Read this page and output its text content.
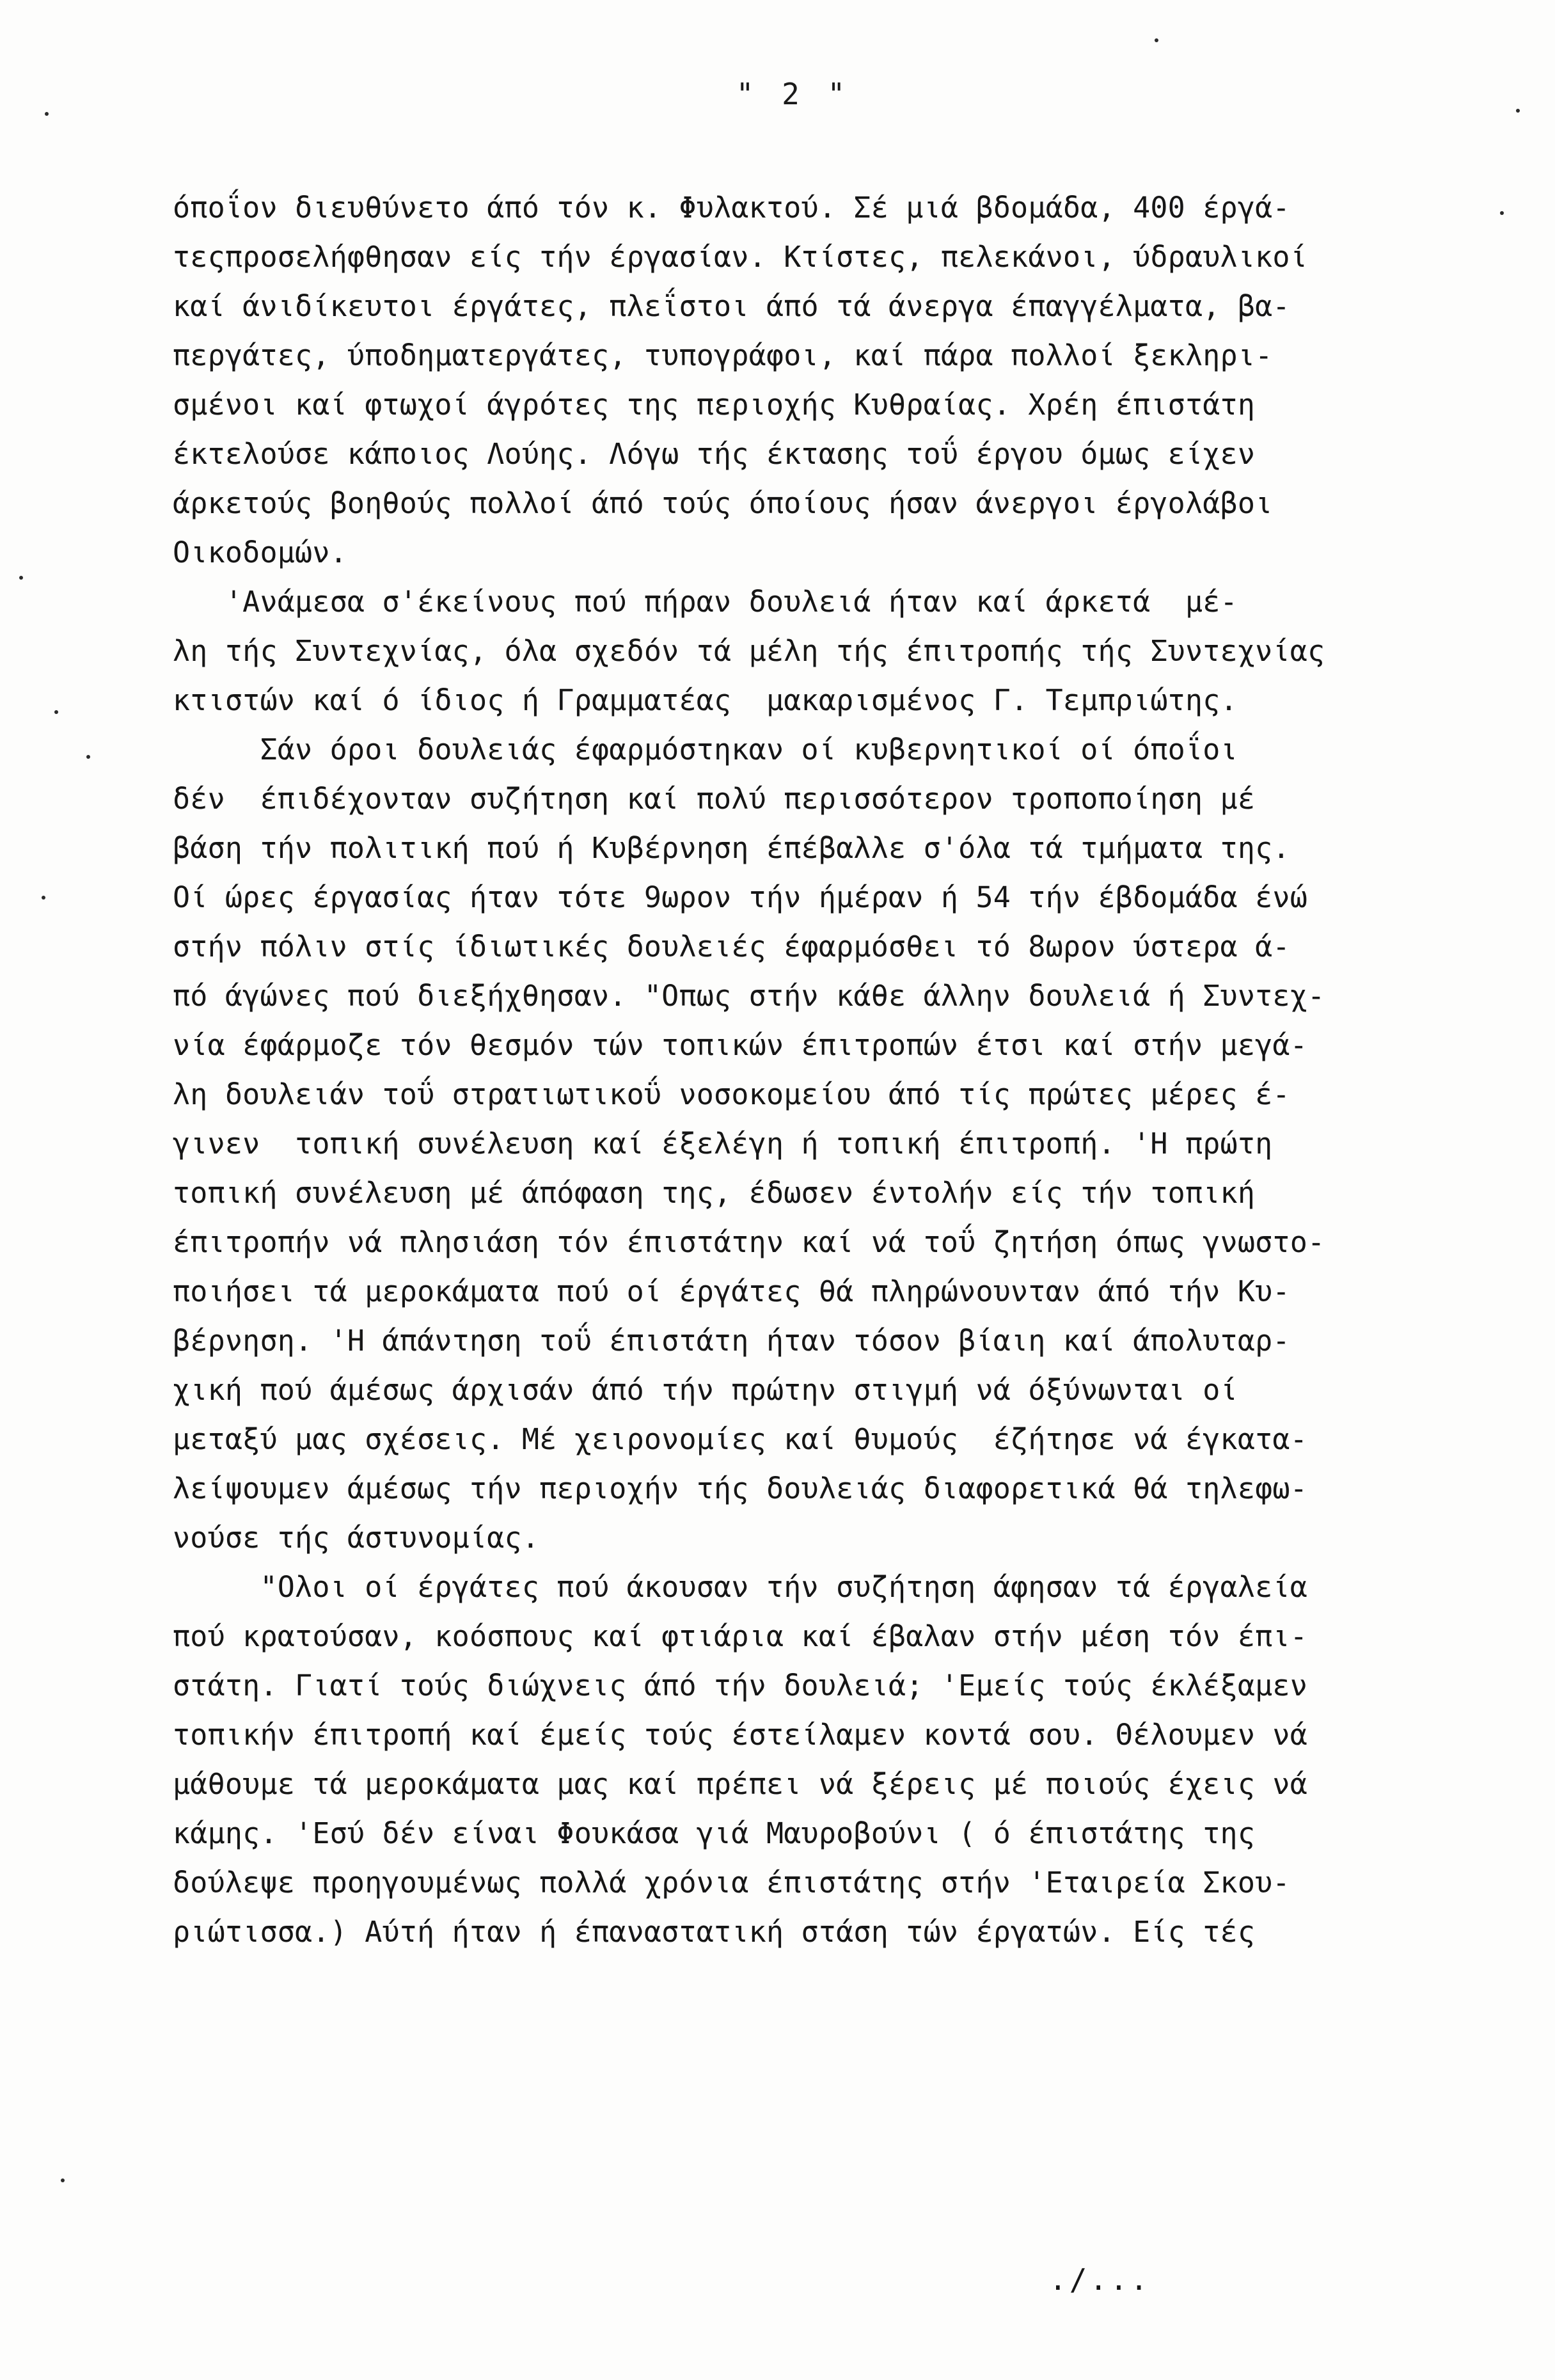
" 2 "
όποΐον διευθύνετο άπό τόν κ. Φυλακτού. Σέ μιά βδομάδα, 400 έργά-
τεςπροσελήφθησαν είς τήν έργασίαν. Κτίστες, πελεκάνοι, ύδραυλικοί
καί άνιδίκευτοι έργάτες, πλεΐστοι άπό τά άνεργα έπαγγέλματα, βα-
περγάτες, ύποδηματεργάτες, τυπογράφοι, καί πάρα πολλοί ξεκληρι-
σμένοι καί φτωχοί άγρότες της περιοχής Κυθραίας. Χρέη έπιστάτη
έκτελούσε κάποιος Λούης. Λόγω τής έκτασης τοΰ έργου όμως είχεν
άρκετούς βοηθούς πολλοί άπό τούς όποίους ήσαν άνεργοι έργολάβοι
Οικοδομών.
'Ανάμεσα σ'έκείνους πού πήραν δουλειά ήταν καί άρκετά  μέ-
λη τής Συντεχνίας, όλα σχεδόν τά μέλη τής έπιτροπής τής Συντεχνίας
κτιστών καί ό ίδιος ή Γραμματέας  μακαρισμένος Γ. Τεμπριώτης.
Σάν όροι δουλειάς έφαρμόστηκαν οί κυβερνητικοί οί όποΐοι
δέν  έπιδέχονταν συζήτηση καί πολύ περισσότερον τροποποίηση μέ
βάση τήν πολιτική πού ή Κυβέρνηση έπέβαλλε σ'όλα τά τμήματα της.
Οί ώρες έργασίας ήταν τότε 9ωρον τήν ήμέραν ή 54 τήν έβδομάδα ένώ
στήν πόλιν στίς ίδιωτικές δουλειές έφαρμόσθει τό 8ωρον ύστερα ά-
πό άγώνες πού διεξήχθησαν. "Οπως στήν κάθε άλλην δουλειά ή Συντεχ-
νία έφάρμοζε τόν θεσμόν τών τοπικών έπιτροπών έτσι καί στήν μεγά-
λη δουλειάν τοΰ στρατιωτικοΰ νοσοκομείου άπό τίς πρώτες μέρες έ-
γινεν  τοπική συνέλευση καί έξελέγη ή τοπική έπιτροπή. 'Η πρώτη
τοπική συνέλευση μέ άπόφαση της, έδωσεν έντολήν είς τήν τοπική
έπιτροπήν νά πλησιάση τόν έπιστάτην καί νά τοΰ ζητήση όπως γνωστο-
ποιήσει τά μεροκάματα πού οί έργάτες θά πληρώνουνταν άπό τήν Κυ-
βέρνηση. 'Η άπάντηση τοΰ έπιστάτη ήταν τόσον βίαιη καί άπολυταρ-
χική πού άμέσως άρχισάν άπό τήν πρώτην στιγμή νά όξύνωνται οί
μεταξύ μας σχέσεις. Μέ χειρονομίες καί θυμούς  έζήτησε νά έγκατα-
λείψουμεν άμέσως τήν περιοχήν τής δουλειάς διαφορετικά θά τηλεφω-
νούσε τής άστυνομίας.
"Ολοι οί έργάτες πού άκουσαν τήν συζήτηση άφησαν τά έργαλεία
πού κρατούσαν, κοόσπους καί φτιάρια καί έβαλαν στήν μέση τόν έπι-
στάτη. Γιατί τούς διώχνεις άπό τήν δουλειά; 'Εμείς τούς έκλέξαμεν
τοπικήν έπιτροπή καί έμείς τούς έστείλαμεν κοντά σου. Θέλουμεν νά
μάθουμε τά μεροκάματα μας καί πρέπει νά ξέρεις μέ ποιούς έχεις νά
κάμης. 'Εσύ δέν είναι Φουκάσα γιά Μαυροβούνι ( ό έπιστάτης της
δούλεψε προηγουμένως πολλά χρόνια έπιστάτης στήν 'Εταιρεία Σκου-
ριώτισσα.) Αύτή ήταν ή έπαναστατική στάση τών έργατών. Είς τές
./...
